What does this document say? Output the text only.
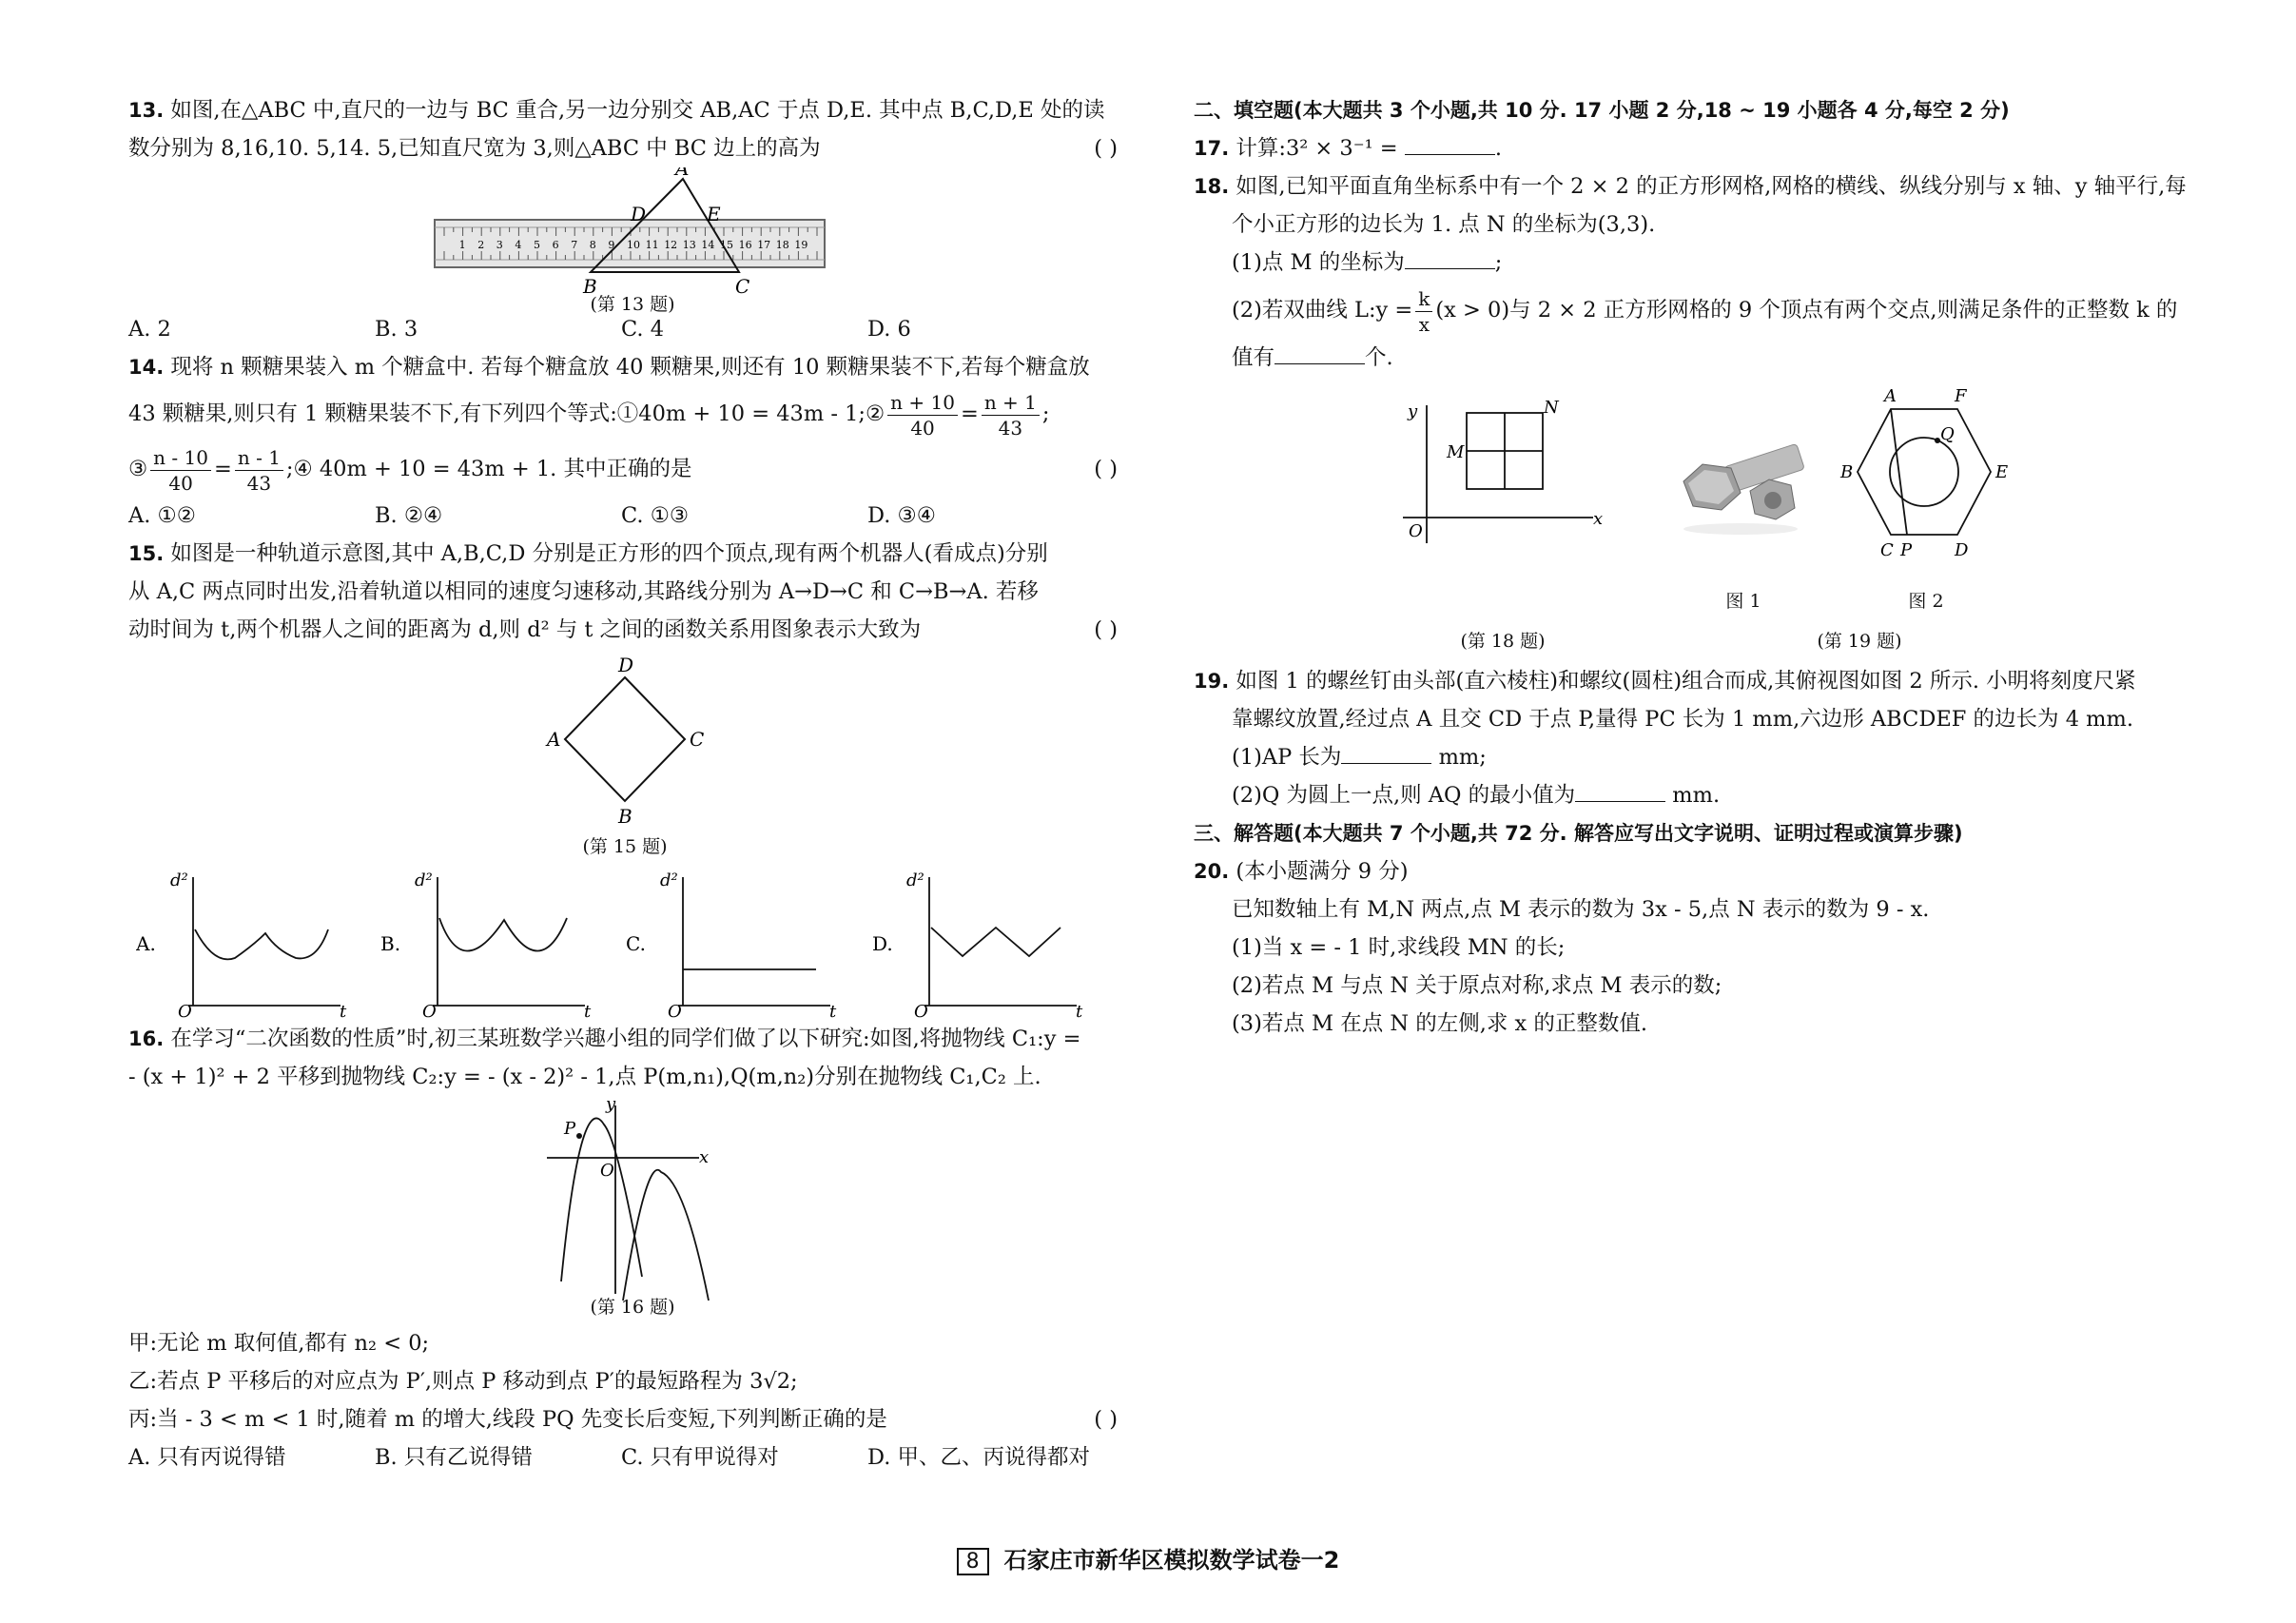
13. 如图,在△ABC 中,直尺的一边与 BC 重合,另一边分别交 AB,AC 于点 D,E. 其中点 B,C,D,E 处的读
数分别为 8,16,10. 5,14. 5,已知直尺宽为 3,则△ABC 中 BC 边上的高为	( )
1 2 3 4 5 6 7 8 9 10 11 12 13 14 15 16 17 18 19
A
D	E
B	C
(第 13 题)
A. 2	B. 3	C. 4	D. 6
14. 现将 n 颗糖果装入 m 个糖盒中. 若每个糖盒放 40 颗糖果,则还有 10 颗糖果装不下,若每个糖盒放
43 颗糖果,则只有 1 颗糖果装不下,有下列四个等式:①40m + 10 = 43m - 1;② $\frac{n + 10}{40} = \frac{n + 1}{43}$ ;
③ $\frac{n - 10}{40} = \frac{n - 1}{43}$ ;④ 40m + 10 = 43m + 1. 其中正确的是	( )
A. ①②	B. ②④	C. ①③	D. ③④
15. 如图是一种轨道示意图,其中 A,B,C,D 分别是正方形的四个顶点,现有两个机器人(看成点)分别
从 A,C 两点同时出发,沿着轨道以相同的速度匀速移动,其路线分别为 A→D→C 和 C→B→A. 若移
动时间为 t,两个机器人之间的距离为 d,则 d² 与 t 之间的函数关系用图象表示大致为	( )
D
A	C
B
(第 15 题)
A.
d²
t
O
B.
d²
t
O
C.
d²
t
O
D.
d²
t
O
16. 在学习“二次函数的性质”时,初三某班数学兴趣小组的同学们做了以下研究:如图,将抛物线 C₁:y =
- (x + 1)² + 2 平移到抛物线 C₂:y = - (x - 2)² - 1,点 P(m,n₁),Q(m,n₂)分别在抛物线 C₁,C₂ 上.
y
P
O
x
(第 16 题)
甲:无论 m 取何值,都有 n₂ < 0;
乙:若点 P 平移后的对应点为 P′,则点 P 移动到点 P′的最短路程为 3√2;
丙:当 - 3 < m < 1 时,随着 m 的增大,线段 PQ 先变长后变短,下列判断正确的是	( )
A. 只有丙说得错	B. 只有乙说得错	C. 只有甲说得对	D. 甲、乙、丙说得都对
二、填空题(本大题共 3 个小题,共 10 分. 17 小题 2 分,18 ~ 19 小题各 4 分,每空 2 分)
17. 计算:3² × 3⁻¹ =	.
18. 如图,已知平面直角坐标系中有一个 2 × 2 的正方形网格,网格的横线、纵线分别与 x 轴、y 轴平行,每
个小正方形的边长为 1. 点 N 的坐标为(3,3).
(1)点 M 的坐标为	;
(2)若双曲线 L:y = $\frac{k}{x} (x > 0)$与 2 × 2 正方形网格的 9 个顶点有两个交点,则满足条件的正整数 k 的
值有	个.
y	N
M
O
x
A	F
Q
B	E
C P D
图 1	图 2
(第 18 题)	(第 19 题)
19. 如图 1 的螺丝钉由头部(直六棱柱)和螺纹(圆柱)组合而成,其俯视图如图 2 所示. 小明将刻度尺紧
靠螺纹放置,经过点 A 且交 CD 于点 P,量得 PC 长为 1 mm,六边形 ABCDEF 的边长为 4 mm.
(1)AP 长为	mm;
(2)Q 为圆上一点,则 AQ 的最小值为	mm.
三、解答题(本大题共 7 个小题,共 72 分. 解答应写出文字说明、证明过程或演算步骤)
20. (本小题满分 9 分)
已知数轴上有 M,N 两点,点 M 表示的数为 3x - 5,点 N 表示的数为 9 - x.
(1)当 x = - 1 时,求线段 MN 的长;
(2)若点 M 与点 N 关于原点对称,求点 M 表示的数;
(3)若点 M 在点 N 的左侧,求 x 的正整数值.
8 石家庄市新华区模拟数学试卷一2
